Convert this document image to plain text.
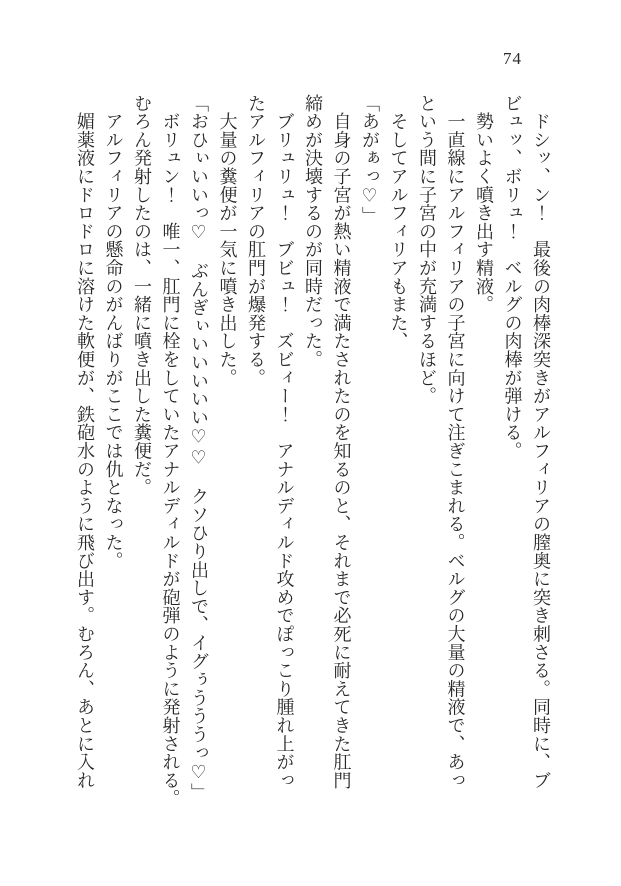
74

　ドシッ、ン！　最後の肉棒深突きがアルフィリアの膣奥に突き刺さる。同時に、ブ

ビュッ、ボリュ！　ベルグの肉棒が弾ける。

　勢いよく噴き出す精液。

　一直線にアルフィリアの子宮に向けて注ぎこまれる。ベルグの大量の精液で、あっ

という間に子宮の中が充満するほど。

　そしてアルフィリアもまた、

「あがぁっ♡」

　自身の子宮が熱い精液で満たされたのを知るのと、それまで必死に耐えてきた肛門

締めが決壊するのが同時だった。

　ブリュリュ！　ブビュ！　ズビィー！　アナルディルド攻めでぽっこり腫れ上がっ

たアルフィリアの肛門が爆発する。

　大量の糞便が一気に噴き出した。

「おひぃいいっ♡　ぶんぎぃいいいいい♡♡　クソひり出しで、イグぅうううっ♡」

　ボリュン！　唯一、肛門に栓をしていたアナルディルドが砲弾のように発射される。

むろん発射したのは、一緒に噴き出した糞便だ。

　アルフィリアの懸命のがんばりがここでは仇となった。

　媚薬液にドロドロに溶けた軟便が、鉄砲水のように飛び出す。むろん、あとに入れ
